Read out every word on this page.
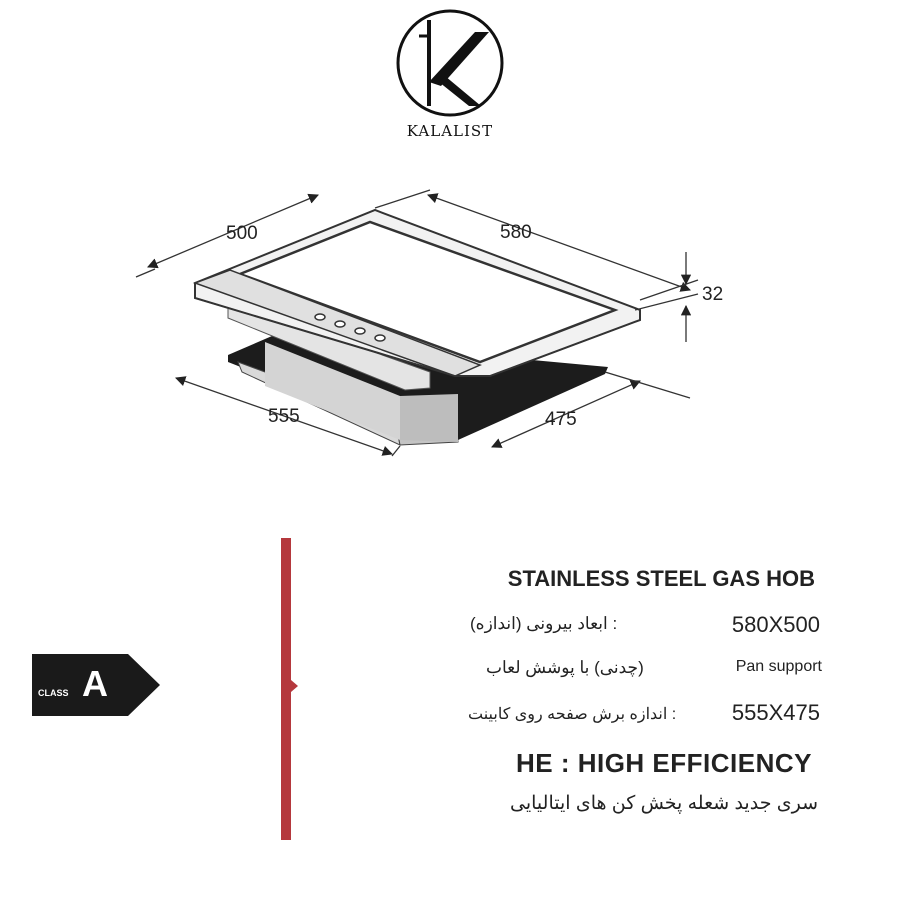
KALALIST
500	580
32
555	475
CLASS A
STAINLESS STEEL GAS HOB
: ابعاد بیرونی (اندازه)	580X500
(چدنی) با پوشش لعاب	Pan support
: اندازه برش صفحه روی کابینت	555X475
HE : HIGH EFFICIENCY
سری جدید شعله پخش کن های ایتالیایی
